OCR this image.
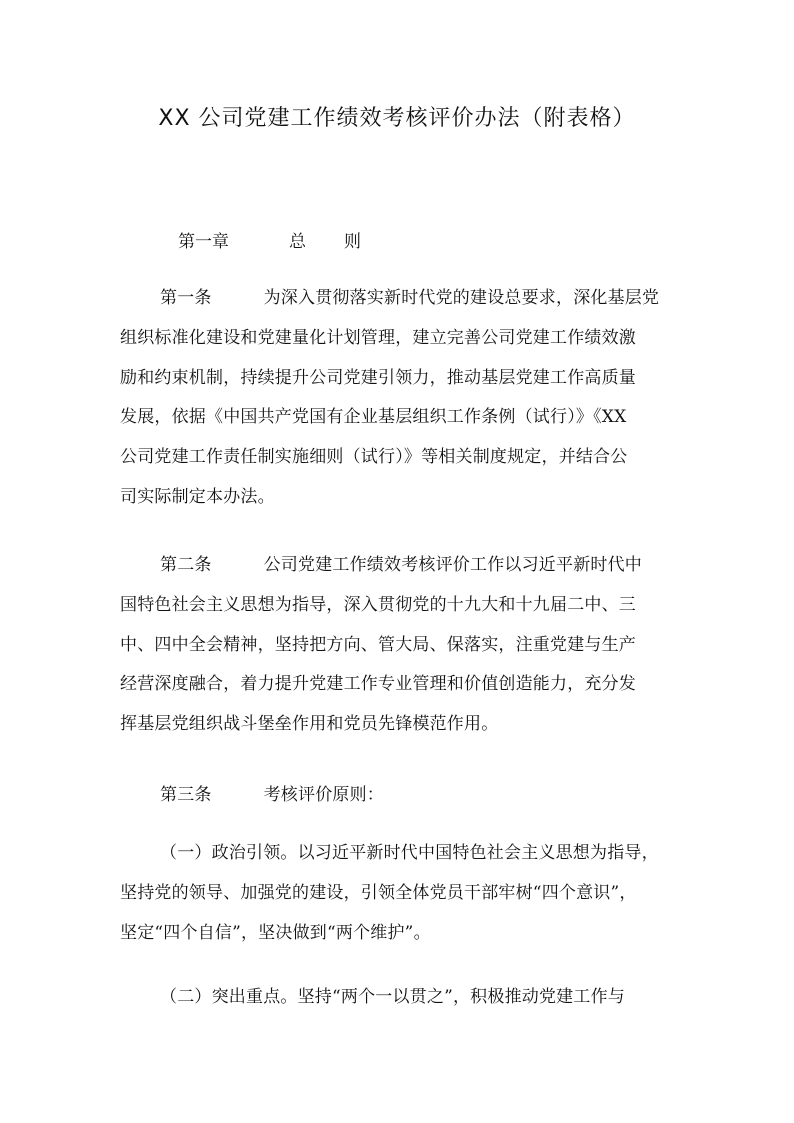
XX 公司党建工作绩效考核评价办法（附表格）
第一章	总 则
第一条	为深入贯彻落实新时代党的建设总要求，深化基层党
组织标准化建设和党建量化计划管理，建立完善公司党建工作绩效激
励和约束机制，持续提升公司党建引领力，推动基层党建工作高质量
发展，依据《中国共产党国有企业基层组织工作条例（试行）》《XX
公司党建工作责任制实施细则（试行）》等相关制度规定，并结合公
司实际制定本办法。
第二条	公司党建工作绩效考核评价工作以习近平新时代中
国特色社会主义思想为指导，深入贯彻党的十九大和十九届二中、三
中、四中全会精神，坚持把方向、管大局、保落实，注重党建与生产
经营深度融合，着力提升党建工作专业管理和价值创造能力，充分发
挥基层党组织战斗堡垒作用和党员先锋模范作用。
第三条	考核评价原则：
（一）政治引领。以习近平新时代中国特色社会主义思想为指导，
坚持党的领导、加强党的建设，引领全体党员干部牢树“四个意识”，
坚定“四个自信”，坚决做到“两个维护”。
（二）突出重点。坚持“两个一以贯之”，积极推动党建工作与
